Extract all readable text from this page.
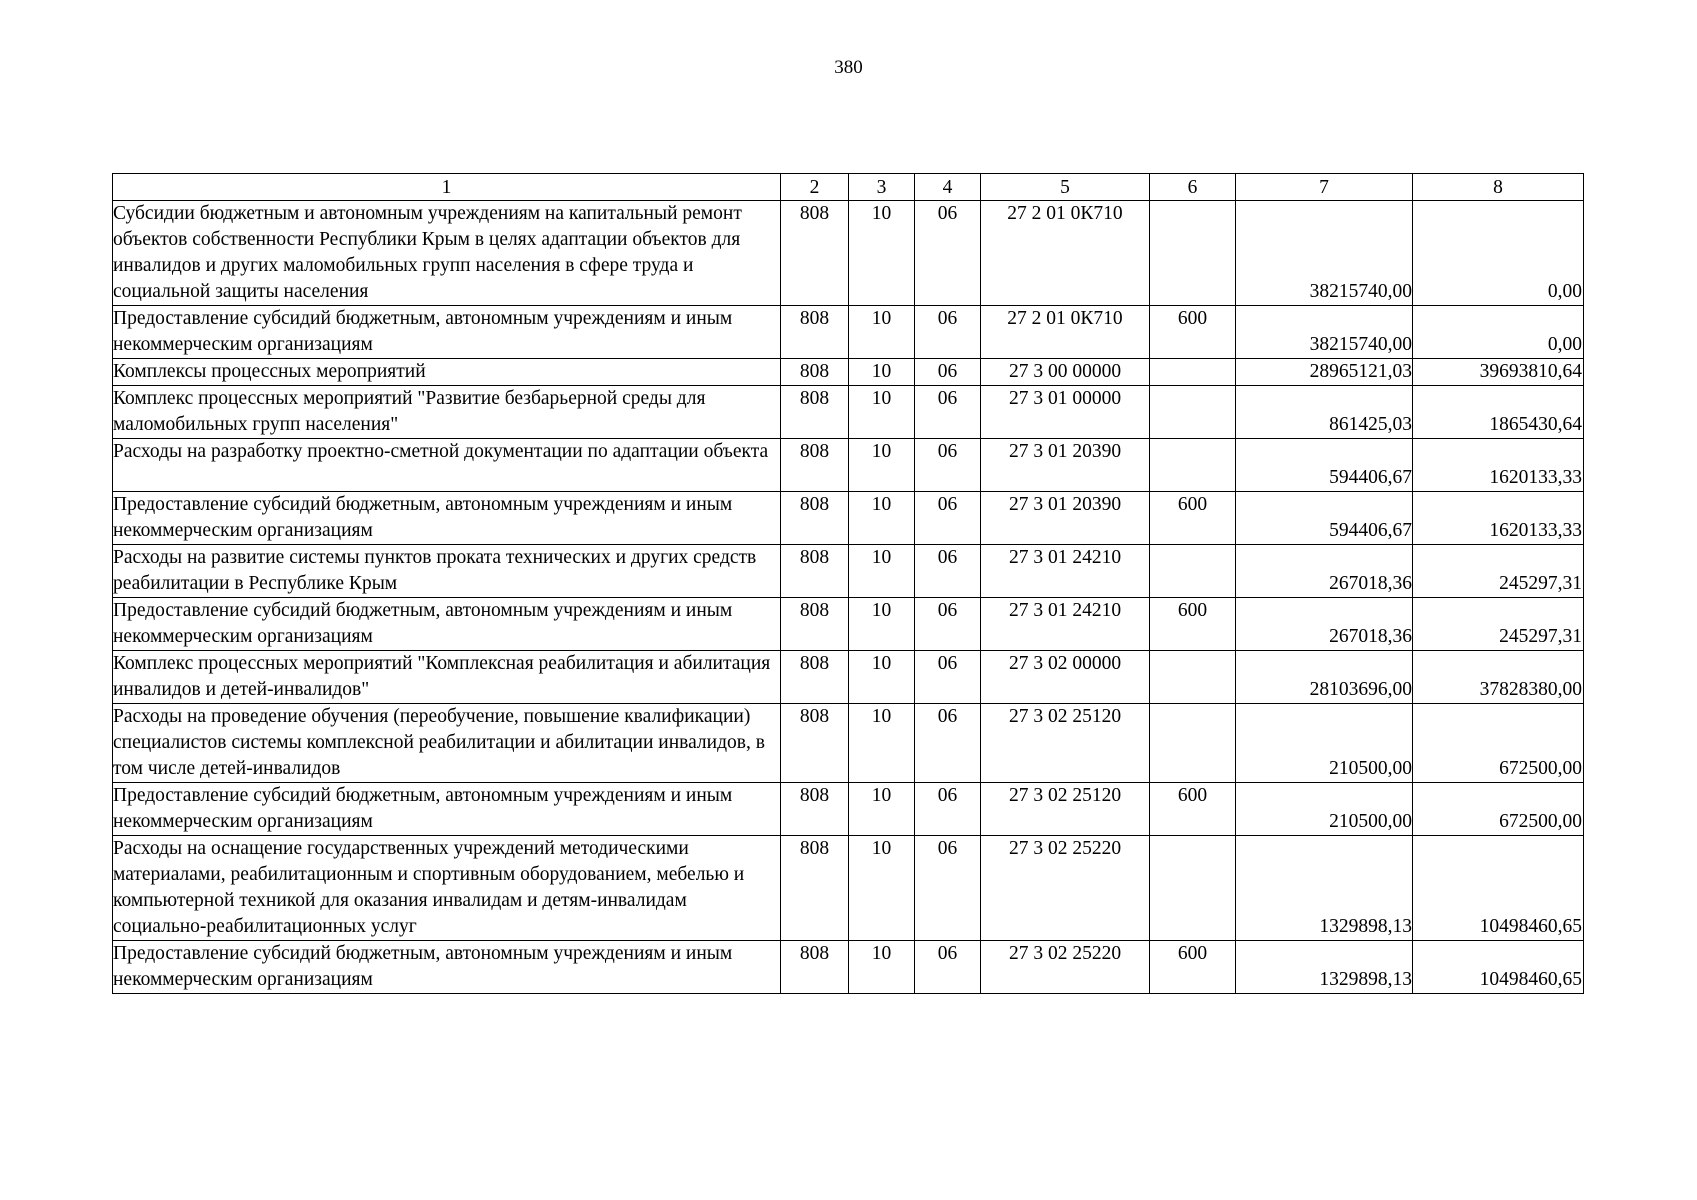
380
1	2	3	4	5	6	7	8
Субсидии бюджетным и автономным учреждениям на капитальный ремонт объектов собственности Республики Крым в целях адаптации объектов для инвалидов и других маломобильных групп населения в сфере труда и социальной защиты населения	808	10	06	27 2 01 0К710		38215740,00	0,00
Предоставление субсидий бюджетным, автономным учреждениям и иным некоммерческим организациям	808	10	06	27 2 01 0К710	600	38215740,00	0,00
Комплексы процессных мероприятий	808	10	06	27 3 00 00000		28965121,03	39693810,64
Комплекс процессных мероприятий "Развитие безбарьерной среды для маломобильных групп населения"	808	10	06	27 3 01 00000		861425,03	1865430,64
Расходы на разработку проектно-сметной документации по адаптации объекта	808	10	06	27 3 01 20390		594406,67	1620133,33
Предоставление субсидий бюджетным, автономным учреждениям и иным некоммерческим организациям	808	10	06	27 3 01 20390	600	594406,67	1620133,33
Расходы на развитие системы пунктов проката технических и других средств реабилитации в Республике Крым	808	10	06	27 3 01 24210		267018,36	245297,31
Предоставление субсидий бюджетным, автономным учреждениям и иным некоммерческим организациям	808	10	06	27 3 01 24210	600	267018,36	245297,31
Комплекс процессных мероприятий "Комплексная реабилитация и абилитация инвалидов и детей-инвалидов"	808	10	06	27 3 02 00000		28103696,00	37828380,00
Расходы на проведение обучения (переобучение, повышение квалификации) специалистов системы комплексной реабилитации и абилитации инвалидов, в том числе детей-инвалидов	808	10	06	27 3 02 25120		210500,00	672500,00
Предоставление субсидий бюджетным, автономным учреждениям и иным некоммерческим организациям	808	10	06	27 3 02 25120	600	210500,00	672500,00
Расходы на оснащение государственных учреждений методическими материалами, реабилитационным и спортивным оборудованием, мебелью и компьютерной техникой для оказания инвалидам и детям-инвалидам социально-реабилитационных услуг	808	10	06	27 3 02 25220		1329898,13	10498460,65
Предоставление субсидий бюджетным, автономным учреждениям и иным некоммерческим организациям	808	10	06	27 3 02 25220	600	1329898,13	10498460,65
